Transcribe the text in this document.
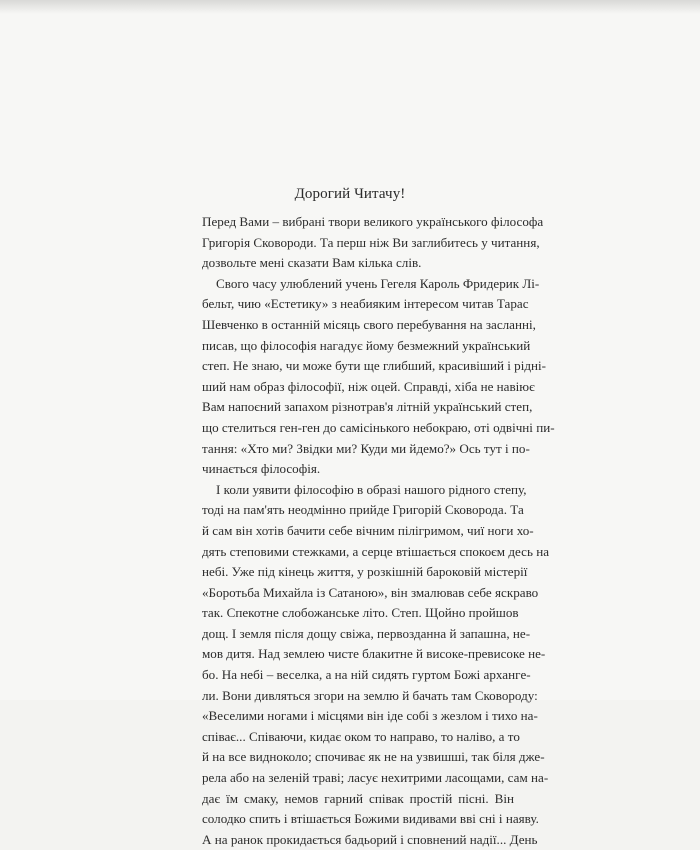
Дорогий Читачу!
Перед Вами – вибрані твори великого українського філософа
Григорія Сковороди. Та перш ніж Ви заглибитесь у читання,
дозвольте мені сказати Вам кілька слів.
Свого часу улюблений учень Гегеля Кароль Фридерик Лі-
бельт, чию «Естетику» з неабияким інтересом читав Тарас
Шевченко в останній місяць свого перебування на засланні,
писав, що філософія нагадує йому безмежний український
степ. Не знаю, чи може бути ще глибший, красивіший і рідні-
ший нам образ філософії, ніж оцей. Справді, хіба не навіює
Вам напоєний запахом різнотрав'я літній український степ,
що стелиться ген-ген до самісінького небокраю, оті одвічні пи-
тання: «Хто ми? Звідки ми? Куди ми йдемо?» Ось тут і по-
чинається філософія.
І коли уявити філософію в образі нашого рідного степу,
тоді на пам'ять неодмінно прийде Григорій Сковорода. Та
й сам він хотів бачити себе вічним пілігримом, чиї ноги хо-
дять степовими стежками, а серце втішається спокоєм десь на
небі. Уже під кінець життя, у розкішній бароковій містерії
«Боротьба Михайла із Сатаною», він змалював себе яскраво
так. Спекотне слобожанське літо. Степ. Щойно пройшов
дощ. І земля після дощу свіжа, первозданна й запашна, не-
мов дитя. Над землею чисте блакитне й високе-превисоке не-
бо. На небі – веселка, а на ній сидять гуртом Божі архангe-
ли. Вони дивляться згори на землю й бачать там Сковороду:
«Веселими ногами і місцями він іде собі з жезлом і тихо на-
співає... Співаючи, кидає оком то направо, то наліво, а то
й на все видноколо; спочиває як не на узвишші, так біля дже-
рела або на зеленій траві; ласує нехитрими ласощами, сам на-
дає їм смаку, немов гарний співак простій пісні. Він
солодко спить і втішається Божими видивами вві сні і наяву.
А на ранок прокидається бадьорий і сповнений надії... День
